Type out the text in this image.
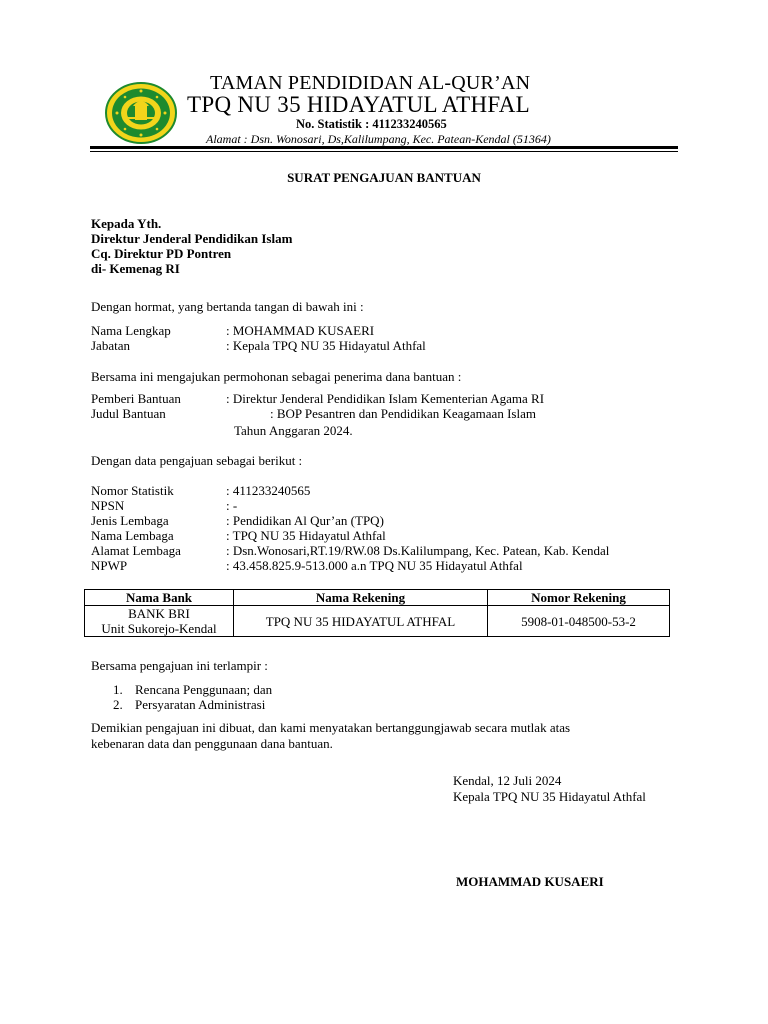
TAMAN PENDIDIDAN AL-QUR’AN
TPQ NU 35 HIDAYATUL ATHFAL
No. Statistik : 411233240565
Alamat : Dsn. Wonosari, Ds,Kalilumpang, Kec. Patean-Kendal (51364)
SURAT PENGAJUAN BANTUAN
Kepada Yth.
Direktur Jenderal Pendidikan Islam
Cq. Direktur PD Pontren
di- Kemenag RI
Dengan hormat, yang bertanda tangan di bawah ini :
Nama Lengkap	: MOHAMMAD KUSAERI
Jabatan	: Kepala TPQ NU 35 Hidayatul Athfal
Bersama ini mengajukan permohonan sebagai penerima dana bantuan :
Pemberi Bantuan	: Direktur Jenderal Pendidikan Islam Kementerian Agama RI
Judul Bantuan	: BOP Pesantren dan Pendidikan Keagamaan Islam
Tahun Anggaran 2024.
Dengan data pengajuan sebagai berikut :
Nomor Statistik	: 411233240565
NPSN	: -
Jenis Lembaga	: Pendidikan Al Qur’an (TPQ)
Nama Lembaga	: TPQ NU 35 Hidayatul Athfal
Alamat Lembaga	: Dsn.Wonosari,RT.19/RW.08 Ds.Kalilumpang, Kec. Patean, Kab. Kendal
NPWP	: 43.458.825.9-513.000 a.n TPQ NU 35 Hidayatul Athfal
Nama Bank	Nama Rekening	Nomor Rekening

BANK BRI
Unit Sukorejo-Kendal	TPQ NU 35 HIDAYATUL ATHFAL	5908-01-048500-53-2
Bersama pengajuan ini terlampir :
1. Rencana Penggunaan; dan
2. Persyaratan Administrasi
Demikian pengajuan ini dibuat, dan kami menyatakan bertanggungjawab secara mutlak atas
kebenaran data dan penggunaan dana bantuan.
Kendal, 12 Juli 2024
Kepala TPQ NU 35 Hidayatul Athfal
MOHAMMAD KUSAERI
